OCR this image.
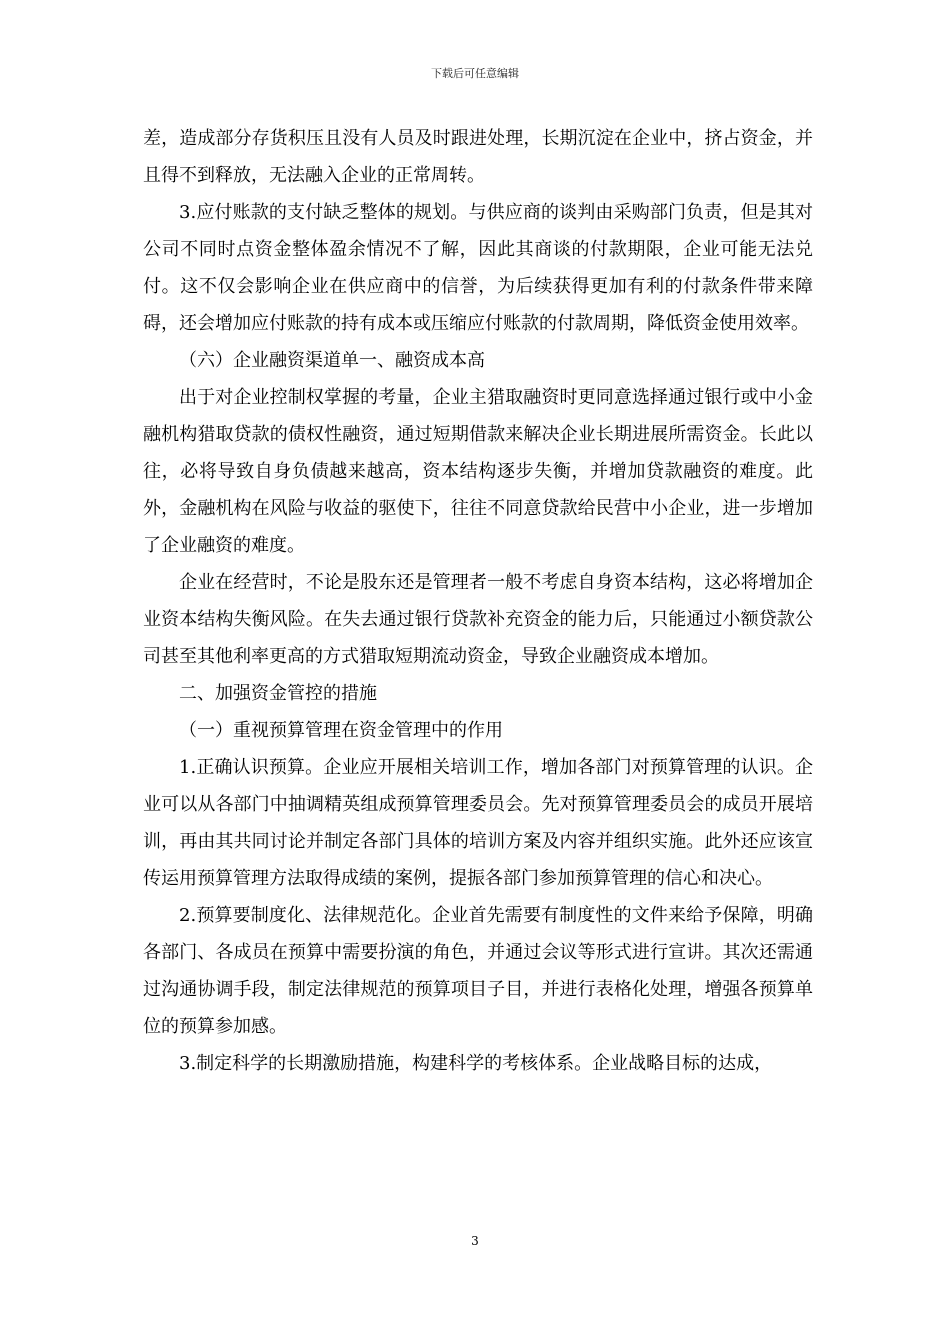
下载后可任意编辑

差，造成部分存货积压且没有人员及时跟进处理，长期沉淀在企业中，挤占资金，并且得不到释放，无法融入企业的正常周转。

3.应付账款的支付缺乏整体的规划。与供应商的谈判由采购部门负责，但是其对公司不同时点资金整体盈余情况不了解，因此其商谈的付款期限，企业可能无法兑付。这不仅会影响企业在供应商中的信誉，为后续获得更加有利的付款条件带来障碍，还会增加应付账款的持有成本或压缩应付账款的付款周期，降低资金使用效率。

（六）企业融资渠道单一、融资成本高

出于对企业控制权掌握的考量，企业主猎取融资时更同意选择通过银行或中小金融机构猎取贷款的债权性融资，通过短期借款来解决企业长期进展所需资金。长此以往，必将导致自身负债越来越高，资本结构逐步失衡，并增加贷款融资的难度。此外，金融机构在风险与收益的驱使下，往往不同意贷款给民营中小企业，进一步增加了企业融资的难度。

企业在经营时，不论是股东还是管理者一般不考虑自身资本结构，这必将增加企业资本结构失衡风险。在失去通过银行贷款补充资金的能力后，只能通过小额贷款公司甚至其他利率更高的方式猎取短期流动资金，导致企业融资成本增加。

二、加强资金管控的措施

（一）重视预算管理在资金管理中的作用

1.正确认识预算。企业应开展相关培训工作，增加各部门对预算管理的认识。企业可以从各部门中抽调精英组成预算管理委员会。先对预算管理委员会的成员开展培训，再由其共同讨论并制定各部门具体的培训方案及内容并组织实施。此外还应该宣传运用预算管理方法取得成绩的案例，提振各部门参加预算管理的信心和决心。

2.预算要制度化、法律规范化。企业首先需要有制度性的文件来给予保障，明确各部门、各成员在预算中需要扮演的角色，并通过会议等形式进行宣讲。其次还需通过沟通协调手段，制定法律规范的预算项目子目，并进行表格化处理，增强各预算单位的预算参加感。

3.制定科学的长期激励措施，构建科学的考核体系。企业战略目标的达成，

3
